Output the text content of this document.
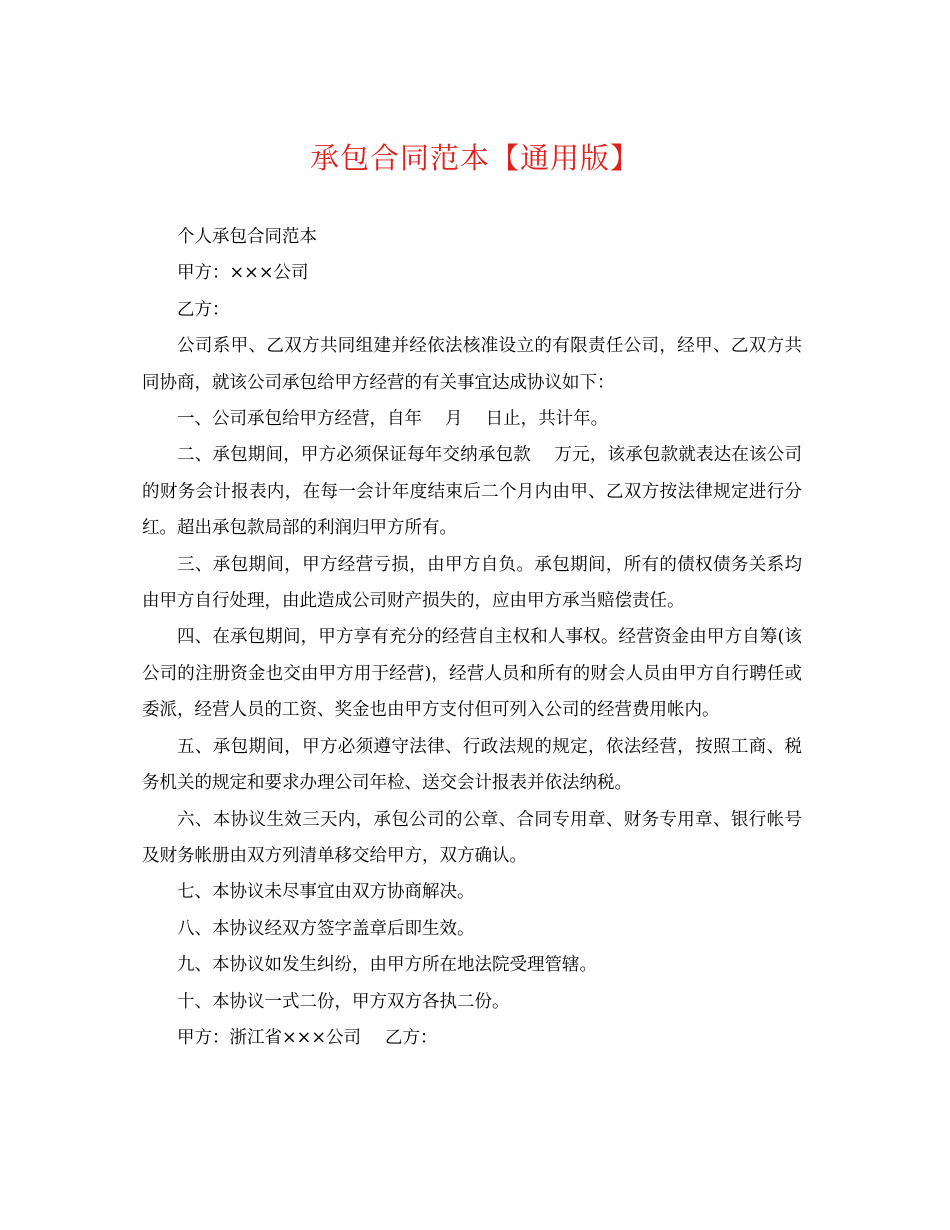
承包合同范本【通用版】

个人承包合同范本

甲方：×××公司

乙方：

公司系甲、乙双方共同组建并经依法核准设立的有限责任公司，经甲、乙双方共同协商，就该公司承包给甲方经营的有关事宜达成协议如下：

一、公司承包给甲方经营，自年　 月　 日止，共计年。

二、承包期间，甲方必须保证每年交纳承包款　 万元，该承包款就表达在该公司的财务会计报表内，在每一会计年度结束后二个月内由甲、乙双方按法律规定进行分红。超出承包款局部的利润归甲方所有。

三、承包期间，甲方经营亏损，由甲方自负。承包期间，所有的债权债务关系均由甲方自行处理，由此造成公司财产损失的，应由甲方承当赔偿责任。

四、在承包期间，甲方享有充分的经营自主权和人事权。经营资金由甲方自筹(该公司的注册资金也交由甲方用于经营)，经营人员和所有的财会人员由甲方自行聘任或委派，经营人员的工资、奖金也由甲方支付但可列入公司的经营费用帐内。

五、承包期间，甲方必须遵守法律、行政法规的规定，依法经营，按照工商、税务机关的规定和要求办理公司年检、送交会计报表并依法纳税。

六、本协议生效三天内，承包公司的公章、合同专用章、财务专用章、银行帐号及财务帐册由双方列清单移交给甲方，双方确认。

七、本协议未尽事宜由双方协商解决。

八、本协议经双方签字盖章后即生效。

九、本协议如发生纠纷，由甲方所在地法院受理管辖。

十、本协议一式二份，甲方双方各执二份。

甲方：浙江省×××公司 乙方：
